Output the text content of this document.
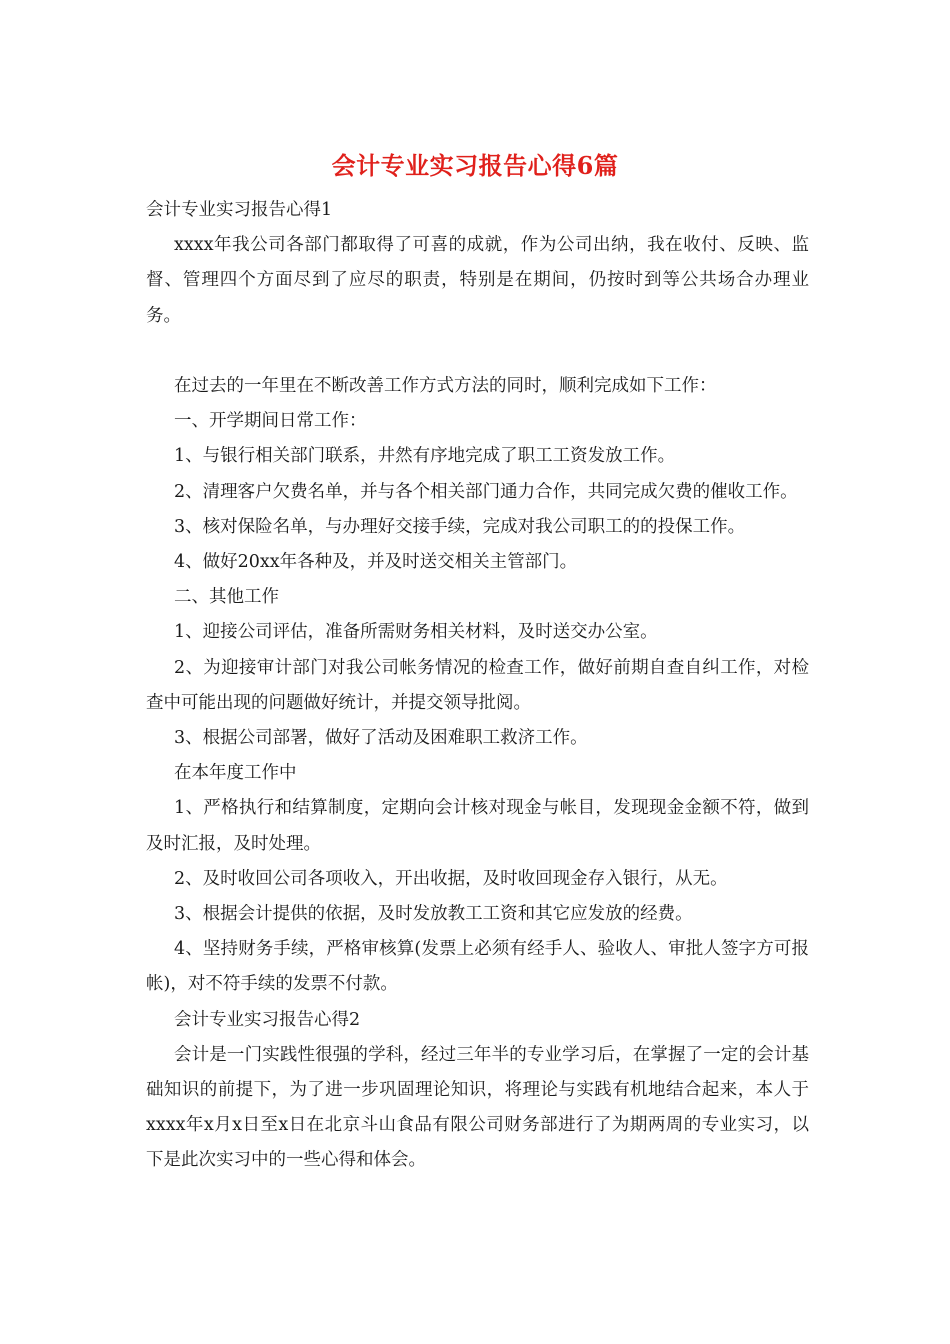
会计专业实习报告心得6篇

会计专业实习报告心得1

xxxx年我公司各部门都取得了可喜的成就，作为公司出纳，我在收付、反映、监督、管理四个方面尽到了应尽的职责，特别是在期间，仍按时到等公共场合办理业务。

在过去的一年里在不断改善工作方式方法的同时，顺利完成如下工作：

一、开学期间日常工作：

1、与银行相关部门联系，井然有序地完成了职工工资发放工作。

2、清理客户欠费名单，并与各个相关部门通力合作，共同完成欠费的催收工作。

3、核对保险名单，与办理好交接手续，完成对我公司职工的的投保工作。

4、做好20xx年各种及，并及时送交相关主管部门。

二、其他工作

1、迎接公司评估，准备所需财务相关材料，及时送交办公室。

2、为迎接审计部门对我公司帐务情况的检查工作，做好前期自查自纠工作，对检查中可能出现的问题做好统计，并提交领导批阅。

3、根据公司部署，做好了活动及困难职工救济工作。

在本年度工作中

1、严格执行和结算制度，定期向会计核对现金与帐目，发现现金金额不符，做到及时汇报，及时处理。

2、及时收回公司各项收入，开出收据，及时收回现金存入银行，从无。

3、根据会计提供的依据，及时发放教工工资和其它应发放的经费。

4、坚持财务手续，严格审核算(发票上必须有经手人、验收人、审批人签字方可报帐)，对不符手续的发票不付款。

会计专业实习报告心得2

会计是一门实践性很强的学科，经过三年半的专业学习后，在掌握了一定的会计基础知识的前提下，为了进一步巩固理论知识，将理论与实践有机地结合起来，本人于xxxx年x月x日至x日在北京斗山食品有限公司财务部进行了为期两周的专业实习，以下是此次实习中的一些心得和体会。
